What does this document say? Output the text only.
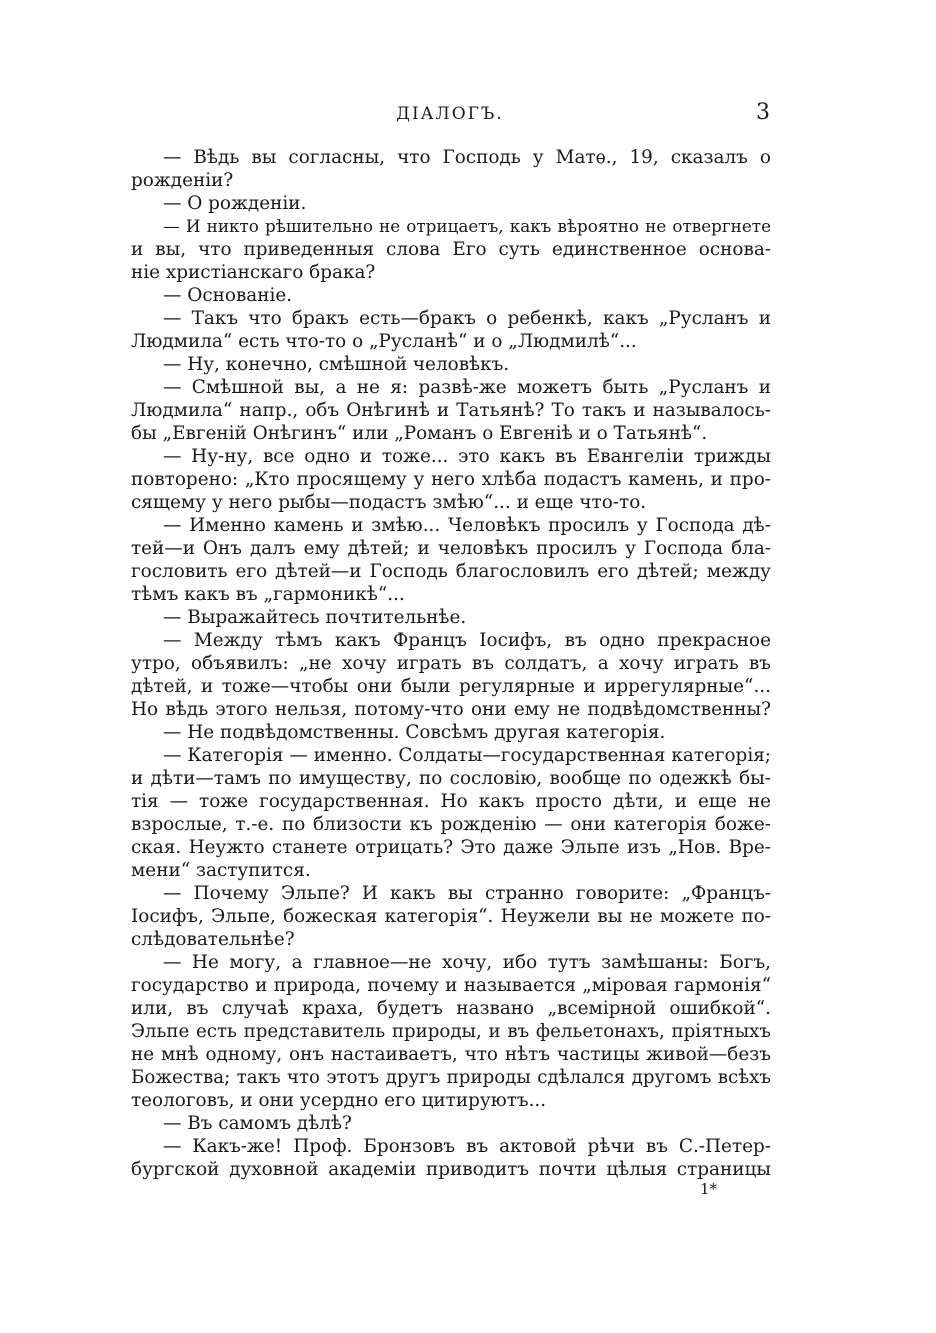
ДIАЛОГЪ.	3
— Вѣдь вы согласны, что Господь у Матѳ., 19, сказалъ о
рожденiи?
— О рожденiи.
— И никто рѣшительно не отрицаетъ, какъ вѣроятно не отвергнете
и вы, что приведенныя слова Его суть единственное основа-
нiе христiанскаго брака?
— Основанiе.
— Такъ что бракъ есть—бракъ о ребенкѣ, какъ „Русланъ и
Людмила“ есть что-то о „Русланѣ“ и о „Людмилѣ“...
— Ну, конечно, смѣшной человѣкъ.
— Смѣшной вы, а не я: развѣ-же можетъ быть „Русланъ и
Людмила“ напр., объ Онѣгинѣ и Татьянѣ? То такъ и называлось-
бы „Евгенiй Онѣгинъ“ или „Романъ о Евгенiѣ и о Татьянѣ“.
— Ну-ну, все одно и тоже... это какъ въ Евангелiи трижды
повторено: „Кто просящему у него хлѣба подастъ камень, и про-
сящему у него рыбы—подастъ змѣю“... и еще что-то.
— Именно камень и змѣю... Человѣкъ просилъ у Господа дѣ-
тей—и Онъ далъ ему дѣтей; и человѣкъ просилъ у Господа бла-
гословить его дѣтей—и Господь благословилъ его дѣтей; между
тѣмъ какъ въ „гармоникѣ“...
— Выражайтесь почтительнѣе.
— Между тѣмъ какъ Францъ Iосифъ, въ одно прекрасное
утро, объявилъ: „не хочу играть въ солдатъ, а хочу играть въ
дѣтей, и тоже—чтобы они были регулярные и иррегулярные“...
Но вѣдь этого нельзя, потому-что они ему не подвѣдомственны?
— Не подвѣдомственны. Совсѣмъ другая категорiя.
— Категорiя — именно. Солдаты—государственная категорiя;
и дѣти—тамъ по имуществу, по сословiю, вообще по одежкѣ бы-
тiя — тоже государственная. Но какъ просто дѣти, и еще не
взрослые, т.-е. по близости къ рожденiю — они категорiя боже-
ская. Неужто станете отрицать? Это даже Эльпе изъ „Нов. Вре-
мени“ заступится.
— Почему Эльпе? И какъ вы странно говорите: „Францъ-
Iосифъ, Эльпе, божеская категорiя“. Неужели вы не можете по-
слѣдовательнѣе?
— Не могу, а главное—не хочу, ибо тутъ замѣшаны: Богъ,
государство и природа, почему и называется „мiровая гармонiя“
или, въ случаѣ краха, будетъ названо „всемiрной ошибкой“.
Эльпе есть представитель природы, и въ фельетонахъ, прiятныхъ
не мнѣ одному, онъ настаиваетъ, что нѣтъ частицы живой—безъ
Божества; такъ что этотъ другъ природы сдѣлался другомъ всѣхъ
теологовъ, и они усердно его цитируютъ...
— Въ самомъ дѣлѣ?
— Какъ-же! Проф. Бронзовъ въ актовой рѣчи въ С.-Петер-
бургской духовной академiи приводитъ почти цѣлыя страницы
1*
